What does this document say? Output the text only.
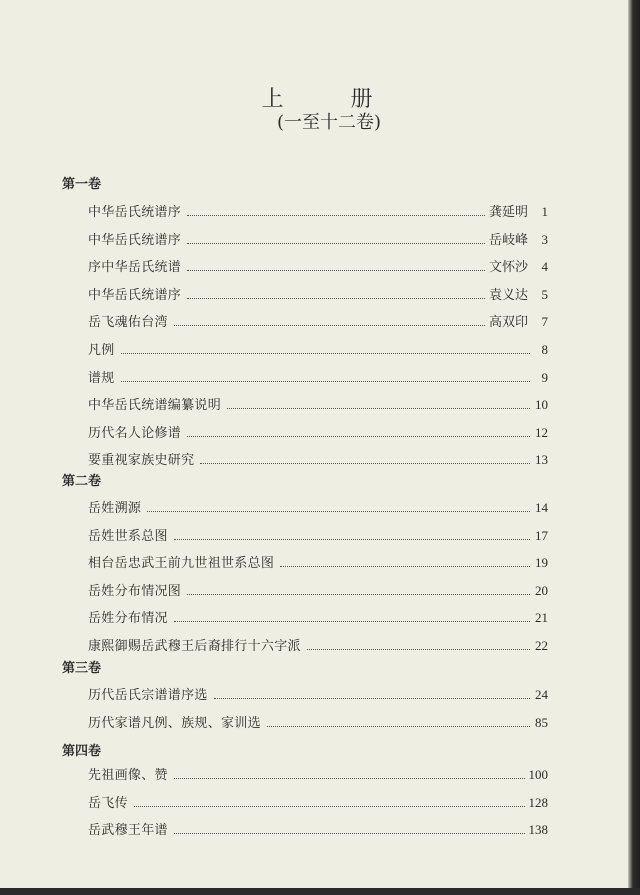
上 册
(一至十二卷)
第一卷
中华岳氏统谱序	龚延明	1
中华岳氏统谱序	岳岐峰	3
序中华岳氏统谱	文怀沙	4
中华岳氏统谱序	袁义达	5
岳飞魂佑台湾	高双印	7
凡例	8
谱规	9
中华岳氏统谱编纂说明	10
历代名人论修谱	12
要重视家族史研究	13
第二卷
岳姓溯源	14
岳姓世系总图	17
相台岳忠武王前九世祖世系总图	19
岳姓分布情况图	20
岳姓分布情况	21
康熙御赐岳武穆王后裔排行十六字派	22
第三卷
历代岳氏宗谱谱序选	24
历代家谱凡例、族规、家训选	85
第四卷
先祖画像、赞	100
岳飞传	128
岳武穆王年谱	138
